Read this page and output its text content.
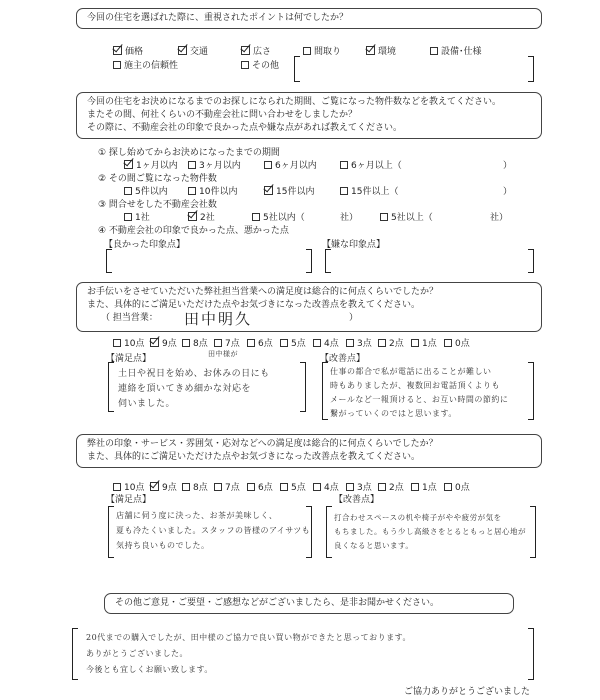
今回の住宅を選ばれた際に、重視されたポイントは何でしたか？
価格	交通	広さ	間取り	環境	設備･仕様
施主の信頼性	その他
今回の住宅をお決めになるまでのお探しになられた期間、ご覧になった物件数などを教えてください。
またその間、何社くらいの不動産会社に問い合わせをしましたか？
その際に、不動産会社の印象で良かった点や嫌な点があれば教えてください。
① 探し始めてからお決めになったまでの期間
1ヶ月以内 3ヶ月以内	6ヶ月以内	6ヶ月以上（	）
② その間ご覧になった物件数
5件以内	10件以内	15件以内	15件以上（	）
③ 問合せをした不動産会社数
1社	2社	5社以内（	社）	5社以上（	社）
④ 不動産会社の印象で良かった点、悪かった点
【良かった印象点】	【嫌な印象点】
お手伝いをさせていただいた弊社担当営業への満足度は総合的に何点くらいでしたか？
また、具体的にご満足いただけた点やお気づきになった改善点を教えてください。
（ 担当営業：	）
田中明久
10点 9点 8点 7点 6点 5点 4点 3点 2点 1点 0点
【満足点】	【改善点】
田中様が
土日や祝日を始め、お休みの日にも
連絡を頂いてきめ細かな対応を
伺いました。
仕事の都合で私が電話に出ることが難しい
時もありましたが、複数回お電話頂くよりも
メールなど一報頂けると、お互い時間の節約に
繋がっていくのではと思います。
弊社の印象・サービス・雰囲気・応対などへの満足度は総合的に何点くらいでしたか？
また、具体的にご満足いただけた点やお気づきになった改善点を教えてください。
10点 9点 8点 7点 6点 5点 4点 3点 2点 1点 0点
【満足点】	【改善点】
店舗に伺う度に決った、お茶が美味しく、
夏も冷たくいました。スタッフの皆様のアイサツも
気持ち良いものでした。
打合わせスペースの机や椅子がやや疲労が気を
もちました。もう少し高級さをとるともっと居心地が
良くなると思います。
その他ご意見・ご要望・ご感想などがございましたら、是非お聞かせください。
20代までの購入でしたが、田中様のご協力で良い買い物ができたと思っております。
ありがとうございました。
今後とも宜しくお願い致します。
ご協力ありがとうございました
